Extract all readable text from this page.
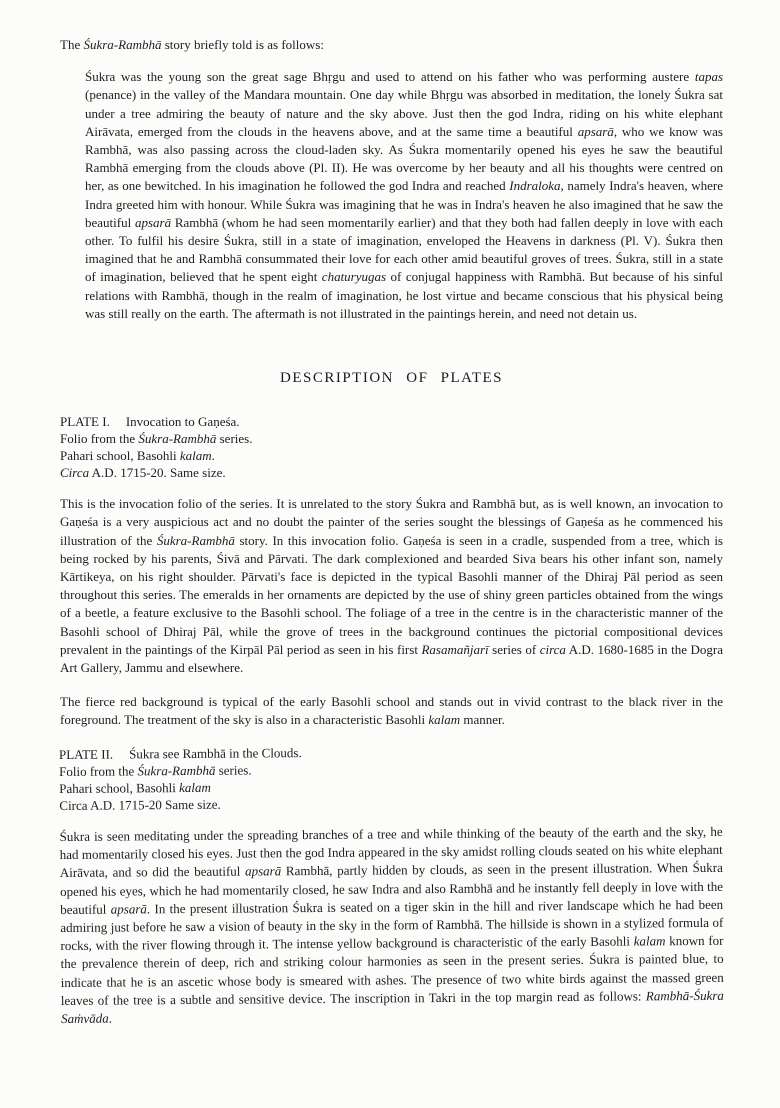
The Śukra-Rambhā story briefly told is as follows:

Śukra was the young son the great sage Bhṛgu and used to attend on his father who was performing austere tapas (penance) in the valley of the Mandara mountain. One day while Bhṛgu was absorbed in meditation, the lonely Śukra sat under a tree admiring the beauty of nature and the sky above. Just then the god Indra, riding on his white elephant Airāvata, emerged from the clouds in the heavens above, and at the same time a beautiful apsarā, who we know was Rambhā, was also passing across the cloud-laden sky. As Śukra momentarily opened his eyes he saw the beautiful Rambhā emerging from the clouds above (Pl. II). He was overcome by her beauty and all his thoughts were centred on her, as one bewitched. In his imagination he followed the god Indra and reached Indraloka, namely Indra's heaven, where Indra greeted him with honour. While Śukra was imagining that he was in Indra's heaven he also imagined that he saw the beautiful apsarā Rambhā (whom he had seen momentarily earlier) and that they both had fallen deeply in love with each other. To fulfil his desire Śukra, still in a state of imagination, enveloped the Heavens in darkness (Pl. V). Śukra then imagined that he and Rambhā consummated their love for each other amid beautiful groves of trees. Śukra, still in a state of imagination, believed that he spent eight chaturyugas of conjugal happiness with Rambhā. But because of his sinful relations with Rambhā, though in the realm of imagination, he lost virtue and became conscious that his physical being was still really on the earth. The aftermath is not illustrated in the paintings herein, and need not detain us.

DESCRIPTION OF PLATES

PLATE I. Invocation to Gaṇeśa.

Folio from the Śukra-Rambhā series.

Pahari school, Basohli kalam.

Circa A.D. 1715-20. Same size.

This is the invocation folio of the series. It is unrelated to the story Śukra and Rambhā but, as is well known, an invocation to Gaṇeśa is a very auspicious act and no doubt the painter of the series sought the blessings of Gaṇeśa as he commenced his illustration of the Śukra-Rambhā story. In this invocation folio. Gaṇeśa is seen in a cradle, suspended from a tree, which is being rocked by his parents, Śivā and Pārvati. The dark complexioned and bearded Siva bears his other infant son, namely Kārtikeya, on his right shoulder. Pārvati's face is depicted in the typical Basohli manner of the Dhiraj Pāl period as seen throughout this series. The emeralds in her ornaments are depicted by the use of shiny green particles obtained from the wings of a beetle, a feature exclusive to the Basohli school. The foliage of a tree in the centre is in the characteristic manner of the Basohli school of Dhiraj Pāl, while the grove of trees in the background continues the pictorial compositional devices prevalent in the paintings of the Kirpāl Pāl period as seen in his first Rasamañjarī series of circa A.D. 1680-1685 in the Dogra Art Gallery, Jammu and elsewhere.

The fierce red background is typical of the early Basohli school and stands out in vivid contrast to the black river in the foreground. The treatment of the sky is also in a characteristic Basohli kalam manner.

PLATE II. Śukra see Rambhā in the Clouds.

Folio from the Śukra-Rambhā series.

Pahari school, Basohli kalam

Circa A.D. 1715-20 Same size.

Śukra is seen meditating under the spreading branches of a tree and while thinking of the beauty of the earth and the sky, he had momentarily closed his eyes. Just then the god Indra appeared in the sky amidst rolling clouds seated on his white elephant Airāvata, and so did the beautiful apsarā Rambhā, partly hidden by clouds, as seen in the present illustration. When Śukra opened his eyes, which he had momentarily closed, he saw Indra and also Rambhā and he instantly fell deeply in love with the beautiful apsarā. In the present illustration Śukra is seated on a tiger skin in the hill and river landscape which he had been admiring just before he saw a vision of beauty in the sky in the form of Rambhā. The hillside is shown in a stylized formula of rocks, with the river flowing through it. The intense yellow background is characteristic of the early Basohli kalam known for the prevalence therein of deep, rich and striking colour harmonies as seen in the present series. Śukra is painted blue, to indicate that he is an ascetic whose body is smeared with ashes. The presence of two white birds against the massed green leaves of the tree is a subtle and sensitive device. The inscription in Takri in the top margin read as follows: Rambhā-Śukra Saṁvāda.
